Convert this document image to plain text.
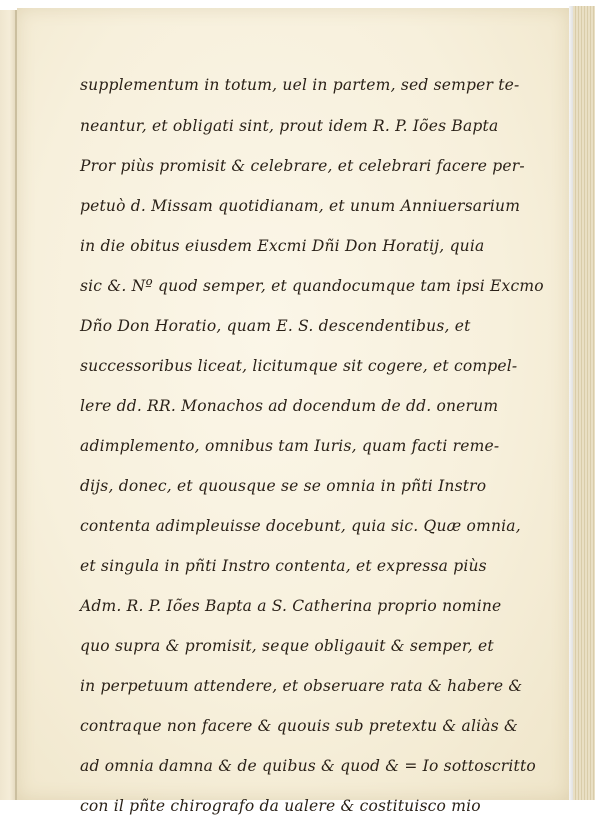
supplementum in totum, uel in partem, sed semper te-
neantur, et obligati sint, prout idem R. P. Iões Bapta
Pror piùs promisit & celebrare, et celebrari facere per-
petuò d. Missam quotidianam, et unum Anniuersarium
in die obitus eiusdem Excmi Dñi Don Horatij, quia
sic &. Nº quod semper, et quandocumque tam ipsi Excmo
Dño Don Horatio, quam E. S. descendentibus, et
successoribus liceat, licitumque sit cogere, et compel-
lere dd. RR. Monachos ad docendum de dd. onerum
adimplemento, omnibus tam Iuris, quam facti reme-
dijs, donec, et quousque se se omnia in pñti Instro
contenta adimpleuisse docebunt, quia sic. Quæ omnia,
et singula in pñti Instro contenta, et expressa piùs
Adm. R. P. Iões Bapta a S. Catherina proprio nomine
quo supra & promisit, seque obligauit & semper, et
in perpetuum attendere, et obseruare rata & habere &
contraque non facere & quouis sub pretextu & aliàs &
ad omnia damna & de quibus & quod & = Io sottoscritto
con il pñte chirografo da ualere & costituisco mio
